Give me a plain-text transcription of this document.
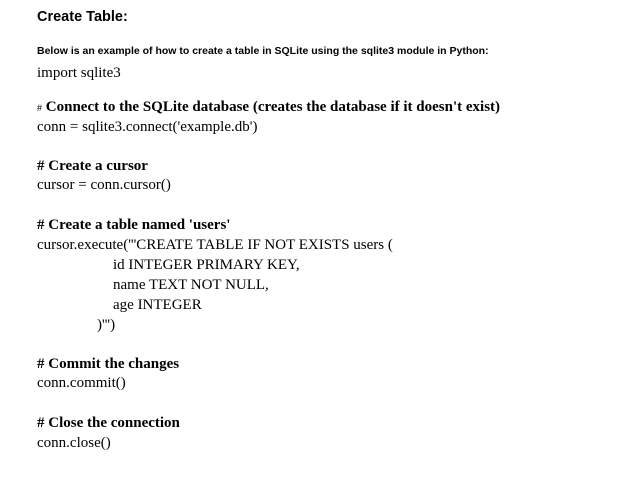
Create Table:
Below is an example of how to create a table in SQLite using the sqlite3 module in Python:
import sqlite3
# Connect to the SQLite database (creates the database if it doesn't exist)
conn = sqlite3.connect('example.db')
# Create a cursor
cursor = conn.cursor()
# Create a table named 'users'
cursor.execute('''CREATE TABLE IF NOT EXISTS users (
id INTEGER PRIMARY KEY,
name TEXT NOT NULL,
age INTEGER
)''')
# Commit the changes
conn.commit()
# Close the connection
conn.close()
